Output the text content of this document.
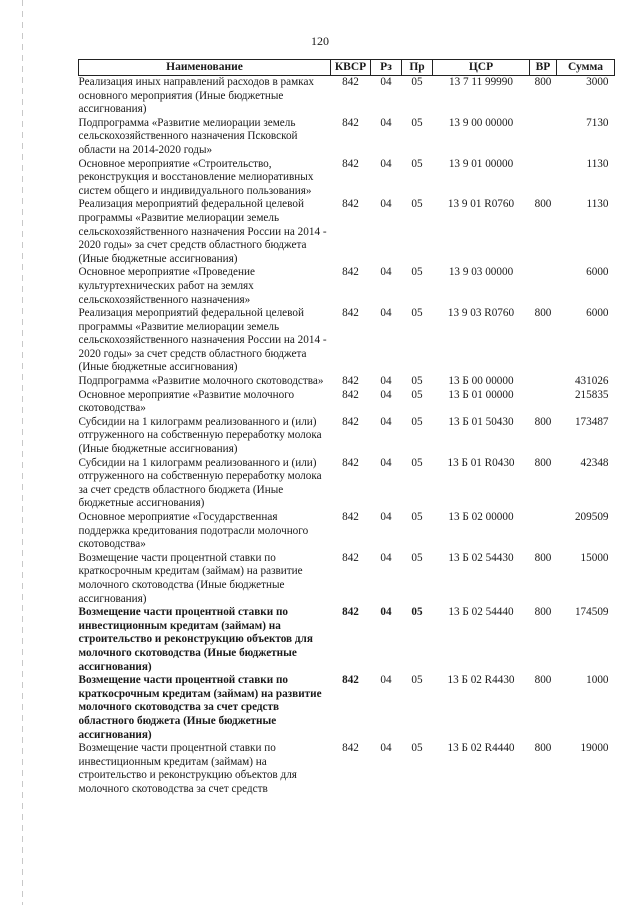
120
Наименование	КВСР	Рз	Пр	ЦСР	ВР	Сумма
Реализация иных направлений расходов в рамках основного мероприятия (Иные бюджетные ассигнования)	842	04	05	13 7 11 99990	800	3000
Подпрограмма «Развитие мелиорации земель сельскохозяйственного назначения Псковской области на 2014-2020 годы»	842	04	05	13 9 00 00000		7130
Основное мероприятие «Строительство, реконструкция и восстановление мелиоративных систем общего и индивидуального пользования»	842	04	05	13 9 01 00000		1130
Реализация мероприятий федеральной целевой программы «Развитие мелиорации земель сельскохозяйственного назначения России на 2014 - 2020 годы» за счет средств областного бюджета (Иные бюджетные ассигнования)	842	04	05	13 9 01 R0760	800	1130
Основное мероприятие «Проведение культуртехнических работ на землях сельскохозяйственного назначения»	842	04	05	13 9 03 00000		6000
Реализация мероприятий федеральной целевой программы «Развитие мелиорации земель сельскохозяйственного назначения России на 2014 - 2020 годы» за счет средств областного бюджета (Иные бюджетные ассигнования)	842	04	05	13 9 03 R0760	800	6000
Подпрограмма «Развитие молочного скотоводства»	842	04	05	13 Б 00 00000		431026
Основное мероприятие «Развитие молочного скотоводства»	842	04	05	13 Б 01 00000		215835
Субсидии на 1 килограмм реализованного и (или) отгруженного на собственную переработку молока (Иные бюджетные ассигнования)	842	04	05	13 Б 01 50430	800	173487
Субсидии на 1 килограмм реализованного и (или) отгруженного на собственную переработку молока за счет средств областного бюджета (Иные бюджетные ассигнования)	842	04	05	13 Б 01 R0430	800	42348
Основное мероприятие «Государственная поддержка кредитования подотрасли молочного скотоводства»	842	04	05	13 Б 02 00000		209509
Возмещение части процентной ставки по краткосрочным кредитам (займам) на развитие молочного скотоводства (Иные бюджетные ассигнования)	842	04	05	13 Б 02 54430	800	15000
Возмещение части процентной ставки по инвестиционным кредитам (займам) на строительство и реконструкцию объектов для молочного скотоводства (Иные бюджетные ассигнования)	842	04	05	13 Б 02 54440	800	174509
Возмещение части процентной ставки по краткосрочным кредитам (займам) на развитие молочного скотоводства за счет средств областного бюджета (Иные бюджетные ассигнования)	842	04	05	13 Б 02 R4430	800	1000
Возмещение части процентной ставки по инвестиционным кредитам (займам) на строительство и реконструкцию объектов для молочного скотоводства за счет средств	842	04	05	13 Б 02 R4440	800	19000
